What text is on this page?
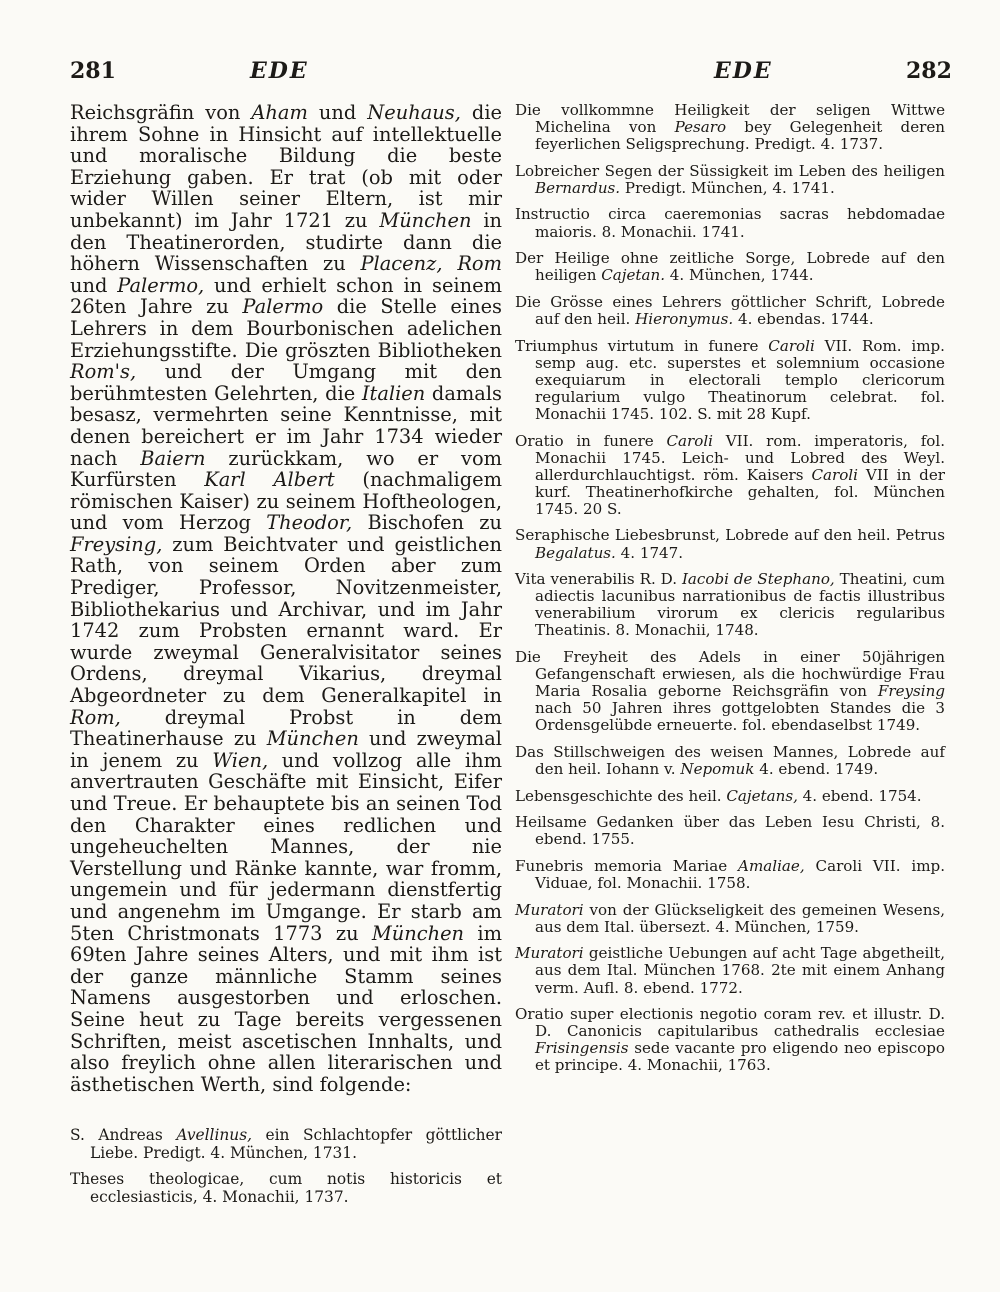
281	EDE	EDE	282

Reichsgräfin von Aham und Neuhaus, die ihrem Sohne in Hinsicht auf intellektuelle und moralische Bildung die beste Erziehung gaben. Er trat (ob mit oder wider Willen seiner Eltern, ist mir unbekannt) im Jahr 1721 zu München in den Theatinerorden, studirte dann die höhern Wissenschaften zu Placenz, Rom und Palermo, und erhielt schon in seinem 26ten Jahre zu Palermo die Stelle eines Lehrers in dem Bourbonischen adelichen Erziehungsstifte. Die gröszten Bibliotheken Rom's, und der Umgang mit den berühmtesten Gelehrten, die Italien damals besasz, vermehrten seine Kenntnisse, mit denen bereichert er im Jahr 1734 wieder nach Baiern zurückkam, wo er vom Kurfürsten Karl Albert (nachmaligem römischen Kaiser) zu seinem Hoftheologen, und vom Herzog Theodor, Bischofen zu Freysing, zum Beichtvater und geistlichen Rath, von seinem Orden aber zum Prediger, Professor, Novitzenmeister, Bibliothekarius und Archivar, und im Jahr 1742 zum Probsten ernannt ward. Er wurde zweymal Generalvisitator seines Ordens, dreymal Vikarius, dreymal Abgeordneter zu dem Generalkapitel in Rom, dreymal Probst in dem Theatinerhause zu München und zweymal in jenem zu Wien, und vollzog alle ihm anvertrauten Geschäfte mit Einsicht, Eifer und Treue. Er behauptete bis an seinen Tod den Charakter eines redlichen und ungeheuchelten Mannes, der nie Verstellung und Ränke kannte, war fromm, ungemein und für jedermann dienstfertig und angenehm im Umgange. Er starb am 5ten Christmonats 1773 zu München im 69ten Jahre seines Alters, und mit ihm ist der ganze männliche Stamm seines Namens ausgestorben und erloschen. Seine heut zu Tage bereits vergessenen Schriften, meist ascetischen Innhalts, und also freylich ohne allen literarischen und ästhetischen Werth, sind folgende:

S. Andreas Avellinus, ein Schlachtopfer göttlicher Liebe. Predigt. 4. München, 1731.

Theses theologicae, cum notis historicis et ecclesiasticis, 4. Monachii, 1737.

Die vollkommne Heiligkeit der seligen Wittwe Michelina von Pesaro bey Gelegenheit deren feyerlichen Seligsprechung. Predigt. 4. 1737.

Lobreicher Segen der Süssigkeit im Leben des heiligen Bernardus. Predigt. München, 4. 1741.

Instructio circa caeremonias sacras hebdomadae maioris. 8. Monachii. 1741.

Der Heilige ohne zeitliche Sorge, Lobrede auf den heiligen Cajetan. 4. München, 1744.

Die Grösse eines Lehrers göttlicher Schrift, Lobrede auf den heil. Hieronymus. 4. ebendas. 1744.

Triumphus virtutum in funere Caroli VII. Rom. imp. semp aug. etc. superstes et solemnium occasione exequiarum in electorali templo clericorum regularium vulgo Theatinorum celebrat. fol. Monachii 1745. 102. S. mit 28 Kupf.

Oratio in funere Caroli VII. rom. imperatoris, fol. Monachii 1745. Leich- und Lobred des Weyl. allerdurchlauchtigst. röm. Kaisers Caroli VII in der kurf. Theatinerhofkirche gehalten, fol. München 1745. 20 S.

Seraphische Liebesbrunst, Lobrede auf den heil. Petrus Begalatus. 4. 1747.

Vita venerabilis R. D. Iacobi de Stephano, Theatini, cum adiectis lacunibus narrationibus de factis illustribus venerabilium virorum ex clericis regularibus Theatinis. 8. Monachii, 1748.

Die Freyheit des Adels in einer 50jährigen Gefangenschaft erwiesen, als die hochwürdige Frau Maria Rosalia geborne Reichsgräfin von Freysing nach 50 Jahren ihres gottgelobten Standes die 3 Ordensgelübde erneuerte. fol. ebendaselbst 1749.

Das Stillschweigen des weisen Mannes, Lobrede auf den heil. Iohann v. Nepomuk 4. ebend. 1749.

Lebensgeschichte des heil. Cajetans, 4. ebend. 1754.

Heilsame Gedanken über das Leben Iesu Christi, 8. ebend. 1755.

Funebris memoria Mariae Amaliae, Caroli VII. imp. Viduae, fol. Monachii. 1758.

Muratori von der Glückseligkeit des gemeinen Wesens, aus dem Ital. übersezt. 4. München, 1759.

Muratori geistliche Uebungen auf acht Tage abgetheilt, aus dem Ital. München 1768. 2te mit einem Anhang verm. Aufl. 8. ebend. 1772.

Oratio super electionis negotio coram rev. et illustr. D. D. Canonicis capitularibus cathedralis ecclesiae Frisingensis sede vacante pro eligendo neo episcopo et principe. 4. Monachii, 1763.
